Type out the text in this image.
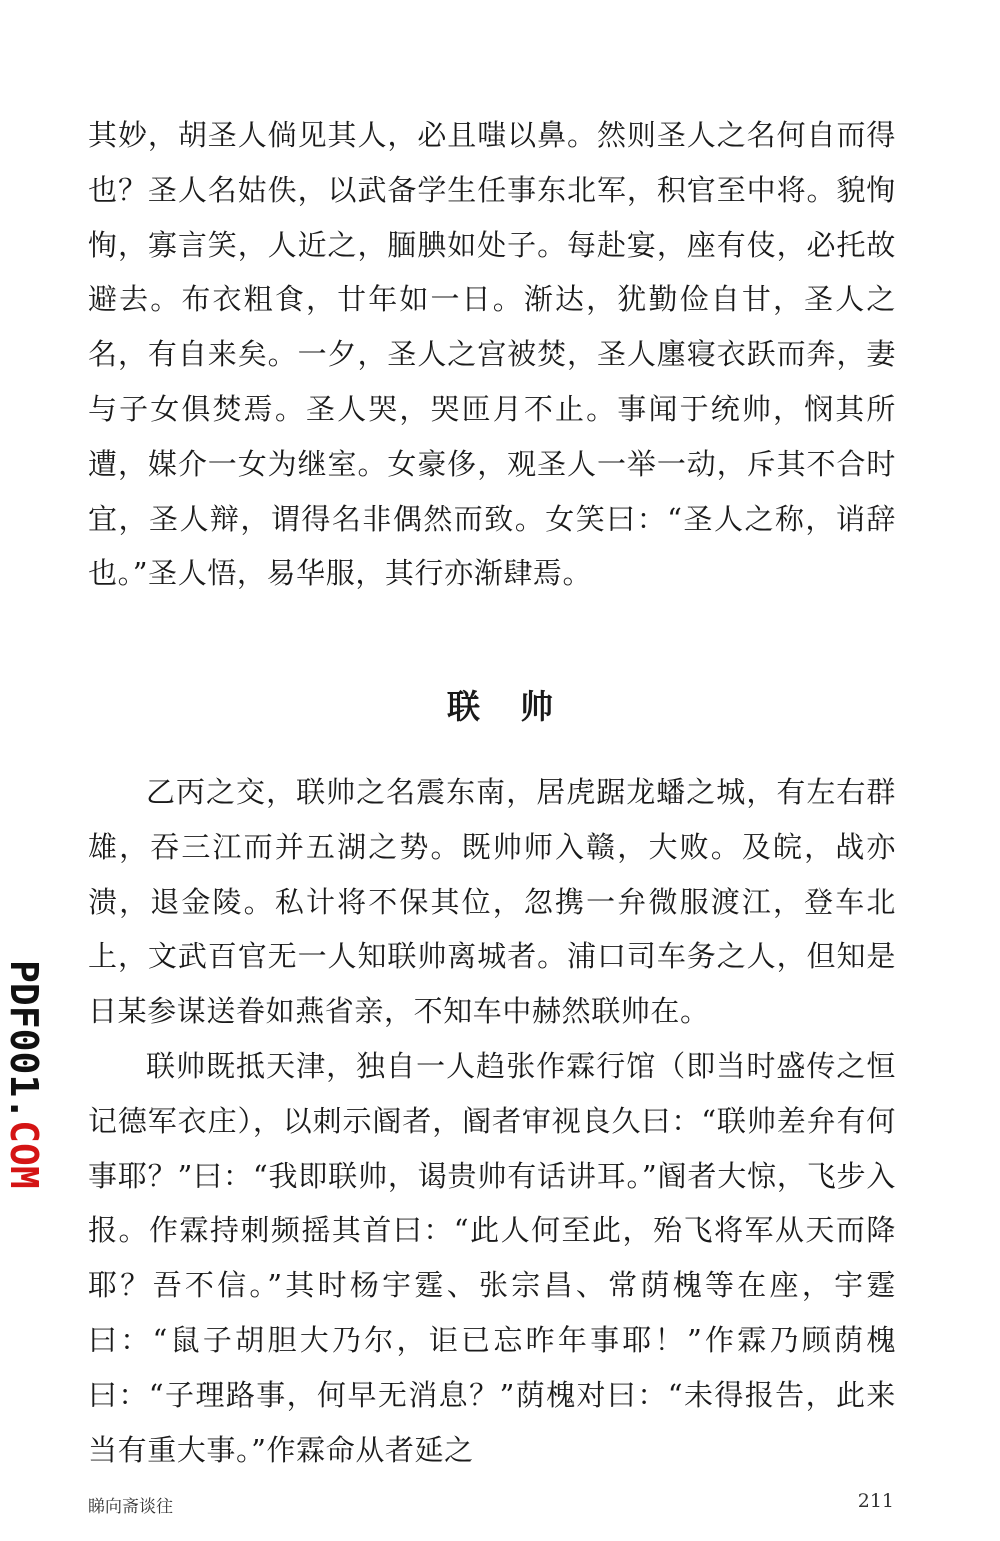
其妙，胡圣人倘见其人，必且嗤以鼻。然则圣人之名何自而得也？圣人名姑佚，以武备学生任事东北军，积官至中将。貌恂恂，寡言笑，人近之，腼腆如处子。每赴宴，座有伎，必托故避去。布衣粗食，廿年如一日。渐达，犹勤俭自甘，圣人之名，有自来矣。一夕，圣人之宫被焚，圣人廛寝衣跃而奔，妻与子女俱焚焉。圣人哭，哭匝月不止。事闻于统帅，悯其所遭，媒介一女为继室。女豪侈，观圣人一举一动，斥其不合时宜，圣人辩，谓得名非偶然而致。女笑曰：“圣人之称，诮辞也。”圣人悟，易华服，其行亦渐肆焉。

联帅

乙丙之交，联帅之名震东南，居虎踞龙蟠之城，有左右群雄，吞三江而并五湖之势。既帅师入赣，大败。及皖，战亦溃，退金陵。私计将不保其位，忽携一弁微服渡江，登车北上，文武百官无一人知联帅离城者。浦口司车务之人，但知是日某参谋送眷如燕省亲，不知车中赫然联帅在。

联帅既抵天津，独自一人趋张作霖行馆（即当时盛传之恒记德军衣庄），以刺示阍者，阍者审视良久曰：“联帅差弁有何事耶？”曰：“我即联帅，谒贵帅有话讲耳。”阍者大惊，飞步入报。作霖持刺频摇其首曰：“此人何至此，殆飞将军从天而降耶？吾不信。”其时杨宇霆、张宗昌、常荫槐等在座，宇霆曰：“鼠子胡胆大乃尔，讵已忘昨年事耶！”作霖乃顾荫槐曰：“子理路事，何早无消息？”荫槐对曰：“未得报告，此来当有重大事。”作霖命从者延之

PDF001.COM
睇向斋谈往	211
